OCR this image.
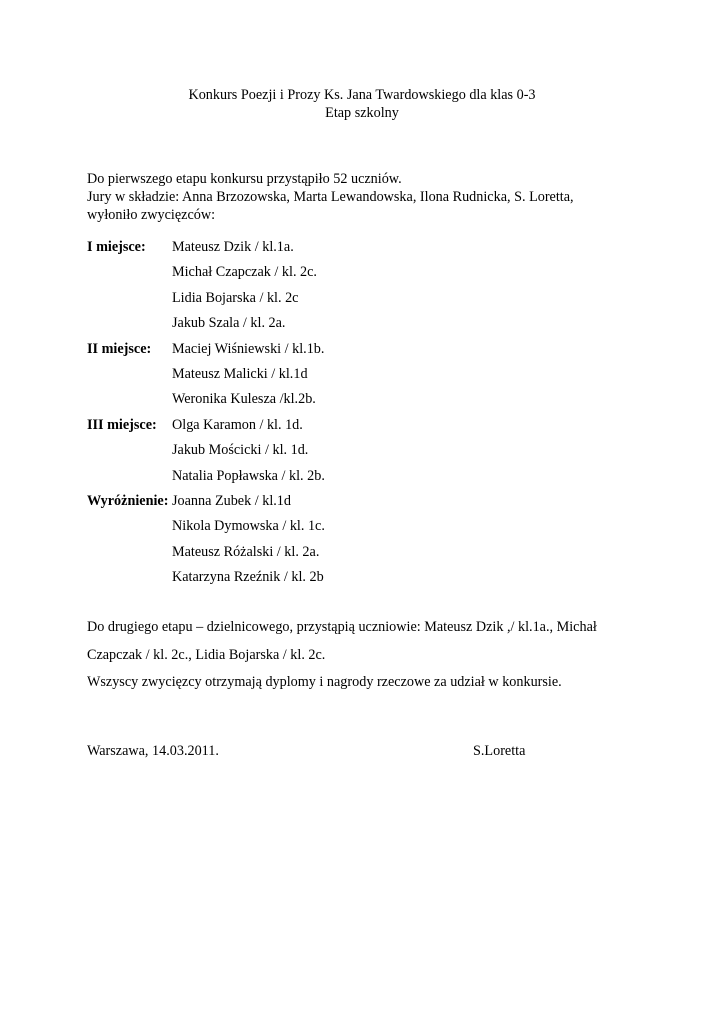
Konkurs Poezji i Prozy Ks. Jana Twardowskiego dla klas 0-3
Etap szkolny
Do pierwszego etapu konkursu przystąpiło 52 uczniów.
Jury w składzie: Anna Brzozowska, Marta Lewandowska, Ilona Rudnicka, S. Loretta,
wyłoniło zwycięzców:
I miejsce:	Mateusz Dzik / kl.1a.
Michał Czapczak / kl. 2c.
Lidia Bojarska / kl. 2c
Jakub Szala / kl. 2a.
II miejsce:	Maciej Wiśniewski / kl.1b.
Mateusz Malicki / kl.1d
Weronika Kulesza /kl.2b.
III miejsce:	Olga Karamon / kl. 1d.
Jakub Mościcki / kl. 1d.
Natalia Popławska / kl. 2b.
Wyróżnienie: Joanna Zubek / kl.1d
Nikola Dymowska / kl. 1c.
Mateusz Różalski / kl. 2a.
Katarzyna Rzeźnik / kl. 2b
Do drugiego etapu – dzielnicowego, przystąpią uczniowie: Mateusz Dzik ,/ kl.1a., Michał
Czapczak / kl. 2c., Lidia Bojarska / kl. 2c.
Wszyscy zwycięzcy otrzymają dyplomy i nagrody rzeczowe za udział w konkursie.
Warszawa, 14.03.2011.	S.Loretta
